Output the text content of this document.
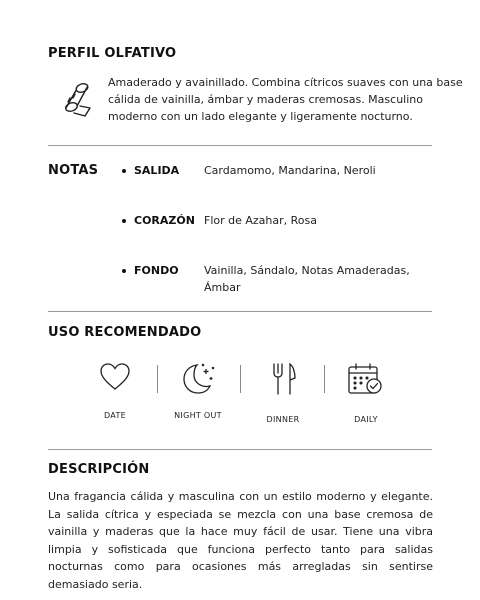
PERFIL OLFATIVO
Amaderado y avainillado. Combina cítricos suaves con una base cálida de vainilla, ámbar y maderas cremosas. Masculino moderno con un lado elegante y ligeramente nocturno.
NOTAS	SALIDA Cardamomo, Mandarina, Neroli
CORAZÓN Flor de Azahar, Rosa
FONDO Vainilla, Sándalo, Notas Amaderadas, Ámbar
USO RECOMENDADO
DATE	NIGHT OUT	DINNER	DAILY
DESCRIPCIÓN
Una fragancia cálida y masculina con un estilo moderno y elegante. La salida cítrica y especiada se mezcla con una base cremosa de vainilla y maderas que la hace muy fácil de usar. Tiene una vibra limpia y sofisticada que funciona perfecto tanto para salidas nocturnas como para ocasiones más arregladas sin sentirse demasiado seria.
